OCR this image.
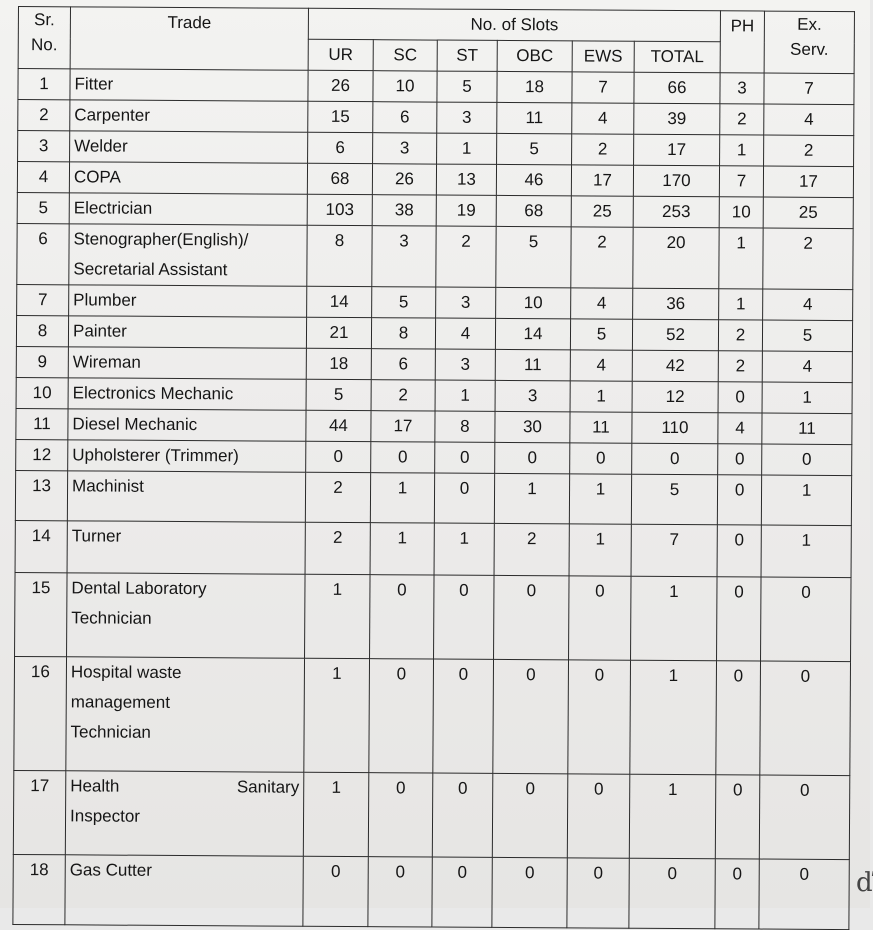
Sr.
No.	Trade	No. of Slots						PH	Ex.
Serv.
		UR	SC	ST	OBC	EWS	TOTAL		
1	Fitter	26	10	5	18	7	66	3	7
2	Carpenter	15	6	3	11	4	39	2	4
3	Welder	6	3	1	5	2	17	1	2
4	COPA	68	26	13	46	17	170	7	17
5	Electrician	103	38	19	68	25	253	10	25
6	Stenographer(English)/
Secretarial Assistant	8	3	2	5	2	20	1	2
7	Plumber	14	5	3	10	4	36	1	4
8	Painter	21	8	4	14	5	52	2	5
9	Wireman	18	6	3	11	4	42	2	4
10	Electronics Mechanic	5	2	1	3	1	12	0	1
11	Diesel Mechanic	44	17	8	30	11	110	4	11
12	Upholsterer (Trimmer)	0	0	0	0	0	0	0	0
13	Machinist	2	1	0	1	1	5	0	1
14	Turner	2	1	1	2	1	7	0	1
15	Dental Laboratory
Technician	1	0	0	0	0	1	0	0
16	Hospital waste
management
Technician	1	0	0	0	0	1	0	0
17	Health Sanitary
Inspector	1	0	0	0	0	1	0	0
18	Gas Cutter	0	0	0	0	0	0	0	0 ď
